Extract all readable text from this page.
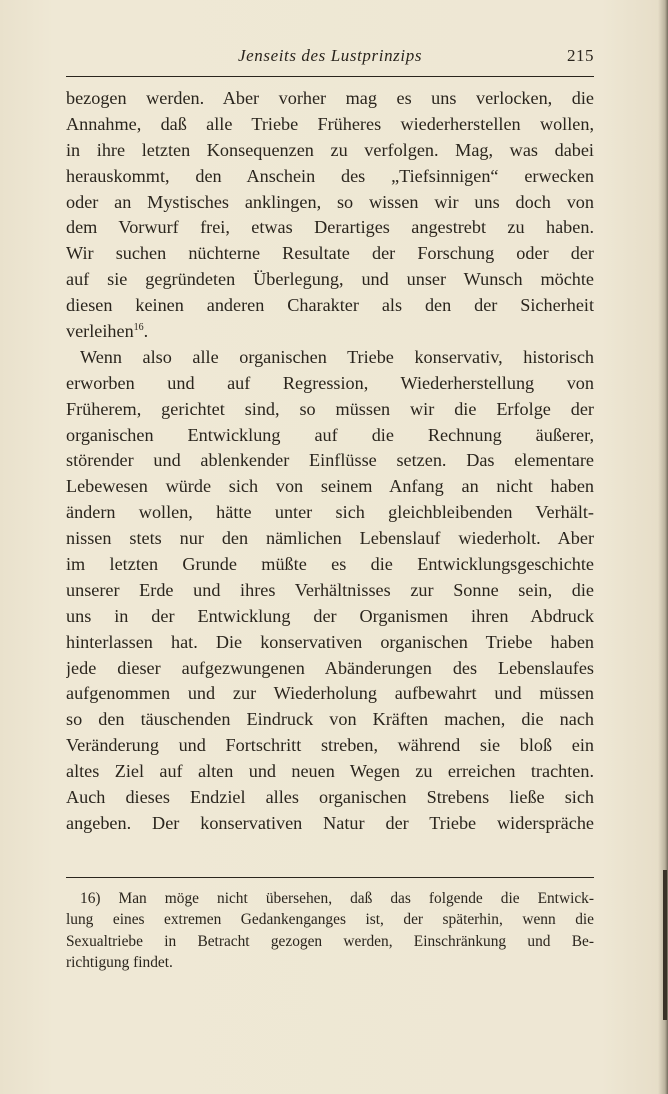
Jenseits des Lustprinzips	215
bezogen werden. Aber vorher mag es uns verlocken, die
Annahme, daß alle Triebe Früheres wiederherstellen wollen,
in ihre letzten Konsequenzen zu verfolgen. Mag, was dabei
herauskommt, den Anschein des „Tiefsinnigen“ erwecken
oder an Mystisches anklingen, so wissen wir uns doch von
dem Vorwurf frei, etwas Derartiges angestrebt zu haben.
Wir suchen nüchterne Resultate der Forschung oder der
auf sie gegründeten Überlegung, und unser Wunsch möchte
diesen keinen anderen Charakter als den der Sicherheit
verleihen$^{16}$.
Wenn also alle organischen Triebe konservativ, historisch
erworben und auf Regression, Wiederherstellung von
Früherem, gerichtet sind, so müssen wir die Erfolge der
organischen Entwicklung auf die Rechnung äußerer,
störender und ablenkender Einflüsse setzen. Das elementare
Lebewesen würde sich von seinem Anfang an nicht haben
ändern wollen, hätte unter sich gleichbleibenden Verhält-
nissen stets nur den nämlichen Lebenslauf wiederholt. Aber
im letzten Grunde müßte es die Entwicklungsgeschichte
unserer Erde und ihres Verhältnisses zur Sonne sein, die
uns in der Entwicklung der Organismen ihren Abdruck
hinterlassen hat. Die konservativen organischen Triebe haben
jede dieser aufgezwungenen Abänderungen des Lebenslaufes
aufgenommen und zur Wiederholung aufbewahrt und müssen
so den täuschenden Eindruck von Kräften machen, die nach
Veränderung und Fortschritt streben, während sie bloß ein
altes Ziel auf alten und neuen Wegen zu erreichen trachten.
Auch dieses Endziel alles organischen Strebens ließe sich
angeben. Der konservativen Natur der Triebe widerspräche
16) Man möge nicht übersehen, daß das folgende die Entwick-
lung eines extremen Gedankenganges ist, der späterhin, wenn die
Sexualtriebe in Betracht gezogen werden, Einschränkung und Be-
richtigung findet.
